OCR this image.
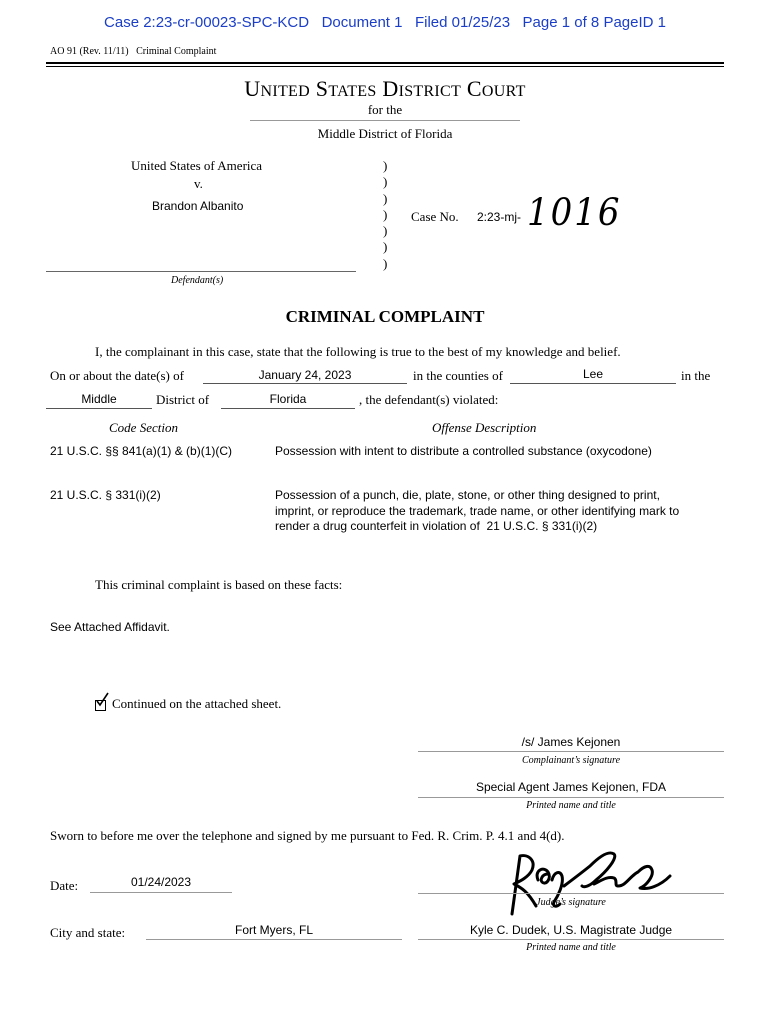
Case 2:23-cr-00023-SPC-KCD   Document 1   Filed 01/25/23   Page 1 of 8 PageID 1
AO 91 (Rev. 11/11)   Criminal Complaint
UNITED STATES DISTRICT COURT
for the
Middle District of Florida
United States of America
v.
Brandon Albanito
Defendant(s)
)
)
)
)
)
)
)
Case No. 2:23-mj- 1016
CRIMINAL COMPLAINT
I, the complainant in this case, state that the following is true to the best of my knowledge and belief.
On or about the date(s) of	January 24, 2023	in the counties of	Lee	in the
Middle	District of	Florida	, the defendant(s) violated:
Code Section	Offense Description
21 U.S.C. §§ 841(a)(1) & (b)(1)(C)	Possession with intent to distribute a controlled substance (oxycodone)
21 U.S.C. § 331(i)(2)	Possession of a punch, die, plate, stone, or other thing designed to print,
imprint, or reproduce the trademark, trade name, or other identifying mark to
render a drug counterfeit in violation of  21 U.S.C. § 331(i)(2)
This criminal complaint is based on these facts:
See Attached Affidavit.
Continued on the attached sheet.
/s/ James Kejonen
Complainant’s signature
Special Agent James Kejonen, FDA
Printed name and title
Sworn to before me over the telephone and signed by me pursuant to Fed. R. Crim. P. 4.1 and 4(d).
Date:	01/24/2023
Judge’s signature
City and state:	Fort Myers, FL	Kyle C. Dudek, U.S. Magistrate Judge
Printed name and title
